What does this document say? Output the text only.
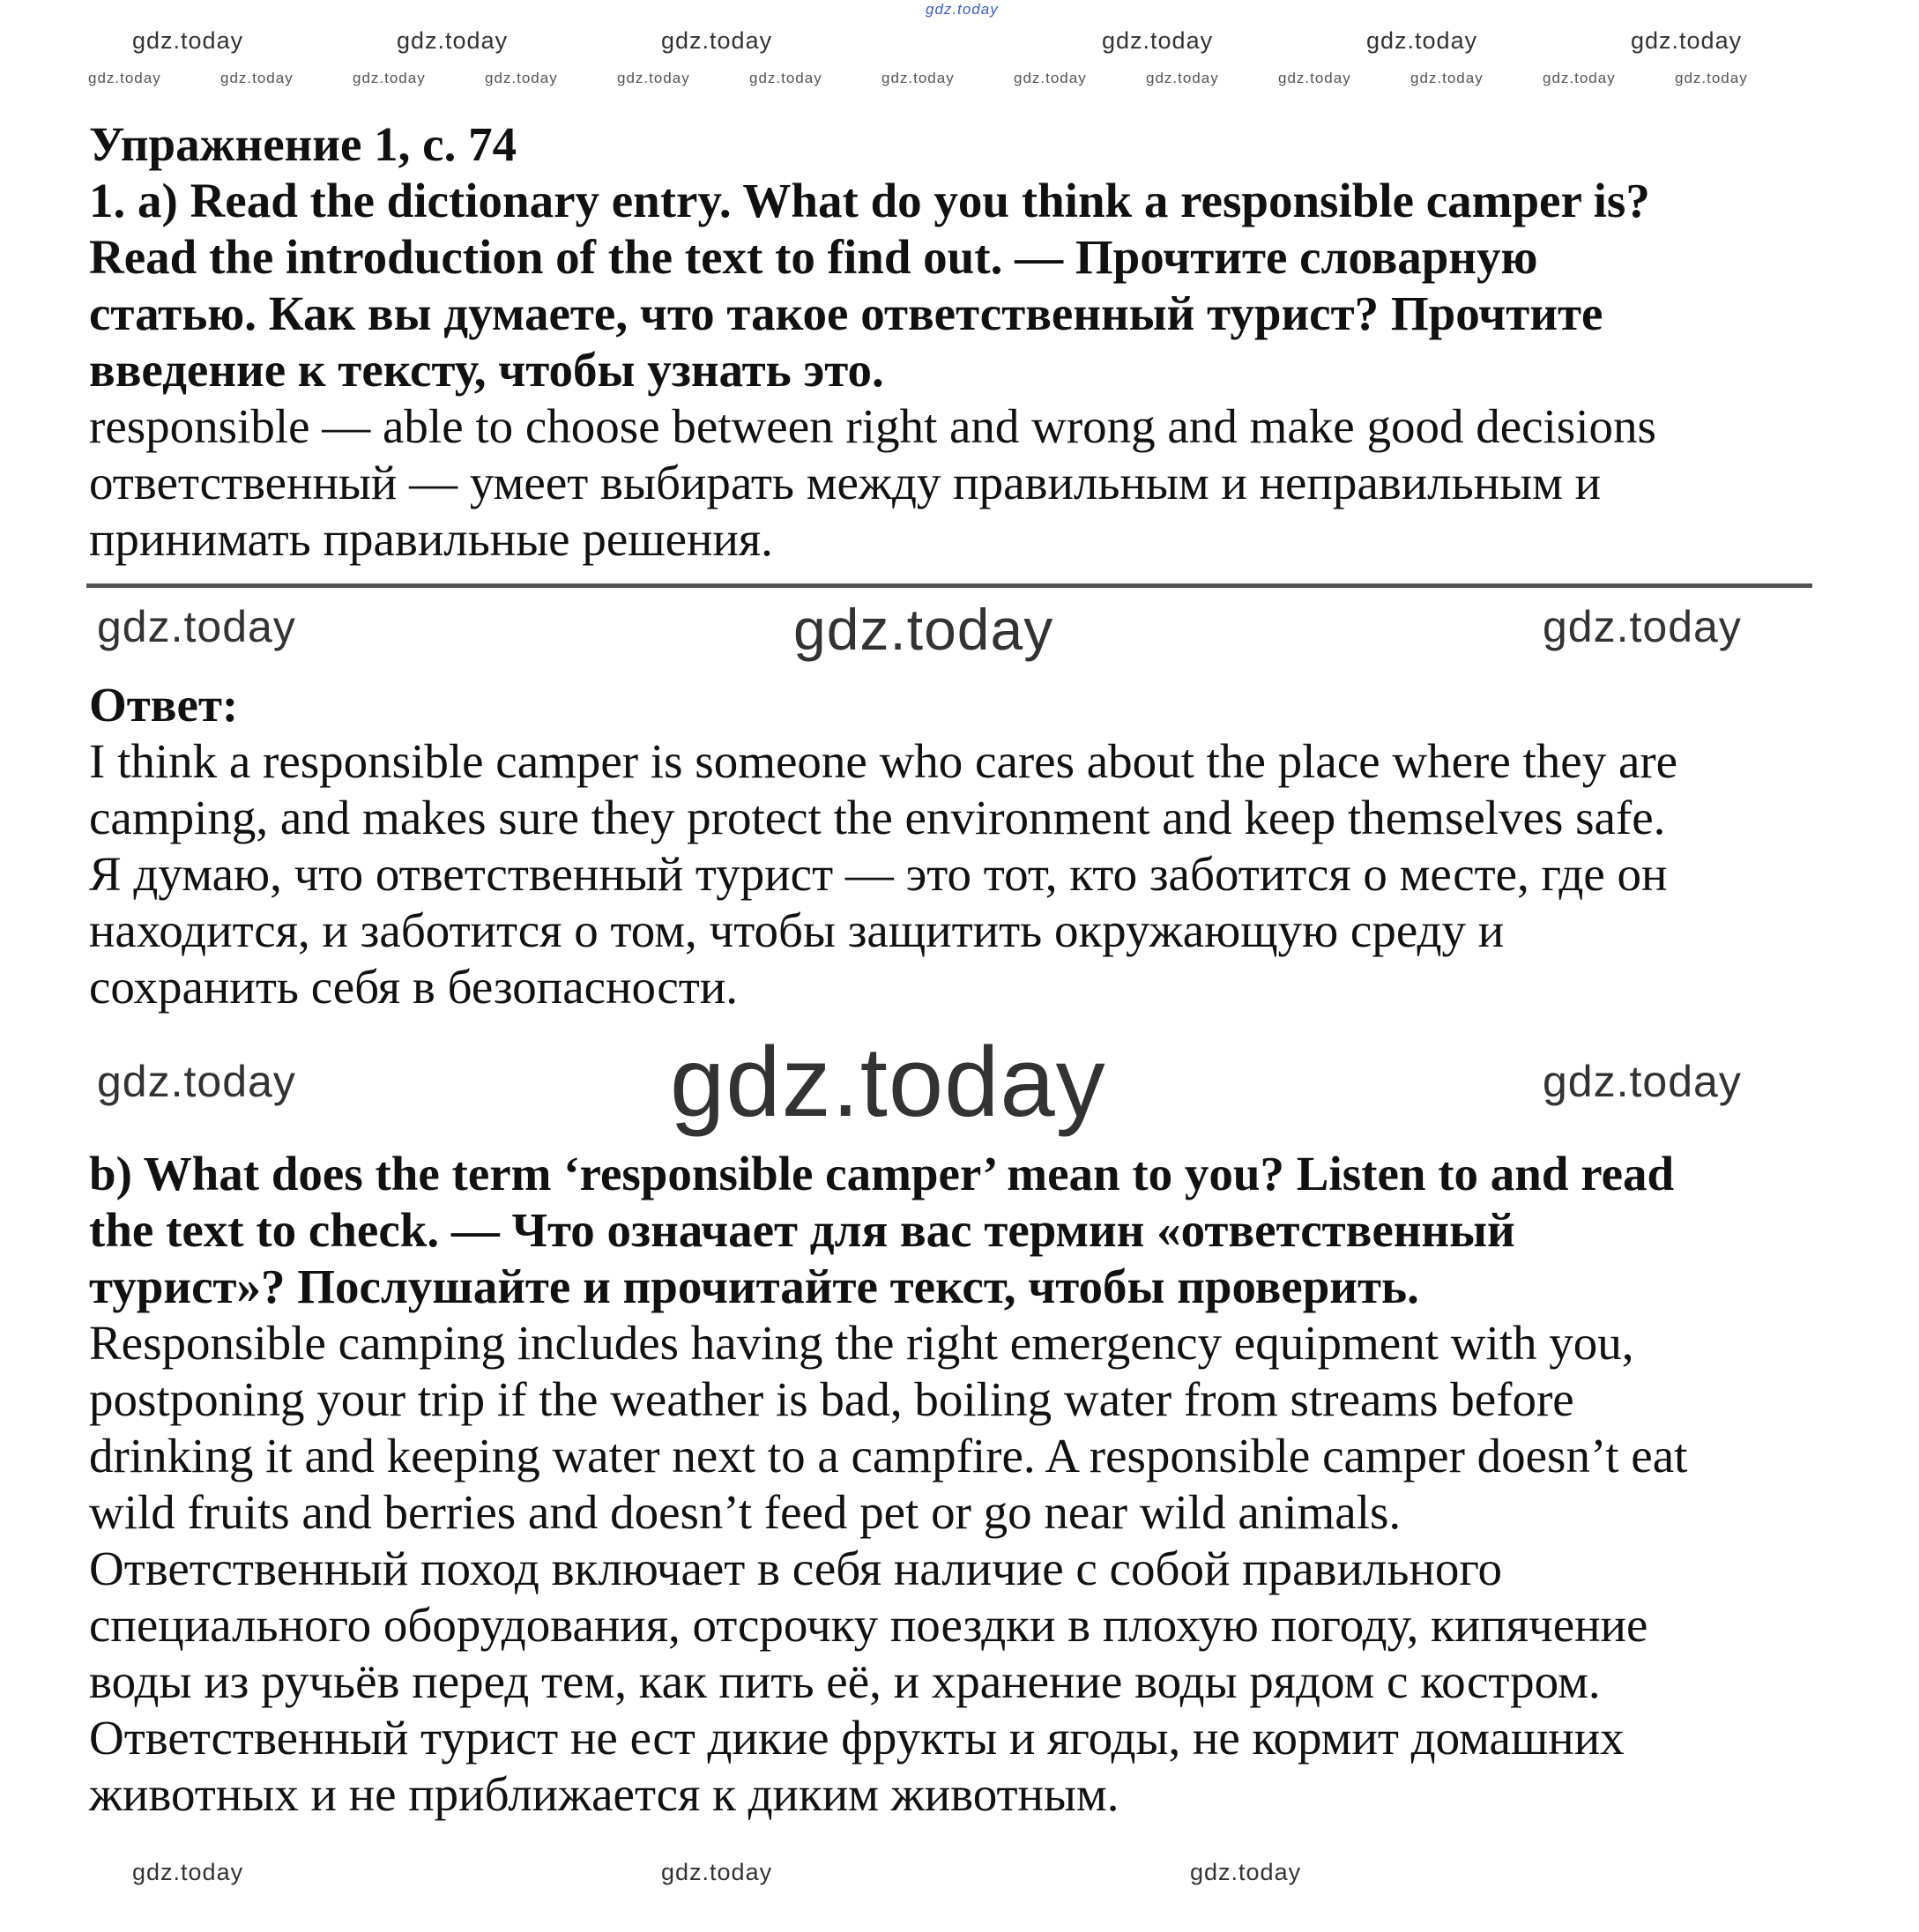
Упражнение 1, с. 74
1. a) Read the dictionary entry. What do you think a responsible camper is?
Read the introduction of the text to find out. — Прочтите словарную
статью. Как вы думаете, что такое ответственный турист? Прочтите
введение к тексту, чтобы узнать это.
responsible — able to choose between right and wrong and make good decisions
ответственный — умеет выбирать между правильным и неправильным и
принимать правильные решения.
Ответ:
I think a responsible camper is someone who cares about the place where they are
camping, and makes sure they protect the environment and keep themselves safe.
Я думаю, что ответственный турист — это тот, кто заботится о месте, где он
находится, и заботится о том, чтобы защитить окружающую среду и
сохранить себя в безопасности.
b) What does the term ‘responsible camper’ mean to you? Listen to and read
the text to check. — Что означает для вас термин «ответственный
турист»? Послушайте и прочитайте текст, чтобы проверить.
Responsible camping includes having the right emergency equipment with you,
postponing your trip if the weather is bad, boiling water from streams before
drinking it and keeping water next to a campfire. A responsible camper doesn’t eat
wild fruits and berries and doesn’t feed pet or go near wild animals.
Ответственный поход включает в себя наличие с собой правильного
специального оборудования, отсрочку поездки в плохую погоду, кипячение
воды из ручьёв перед тем, как пить её, и хранение воды рядом с костром.
Ответственный турист не ест дикие фрукты и ягоды, не кормит домашних
животных и не приближается к диким животным.
gdz.today
gdz.today	gdz.today	gdz.today	gdz.today	gdz.today	gdz.today
gdz.today	gdz.today	gdz.today	gdz.today	gdz.today	gdz.today	gdz.today	gdz.today	gdz.today	gdz.today	gdz.today	gdz.today	gdz.today
gdz.today	gdz.today	gdz.today
gdz.today	gdz.today	gdz.today
gdz.today	gdz.today	gdz.today
